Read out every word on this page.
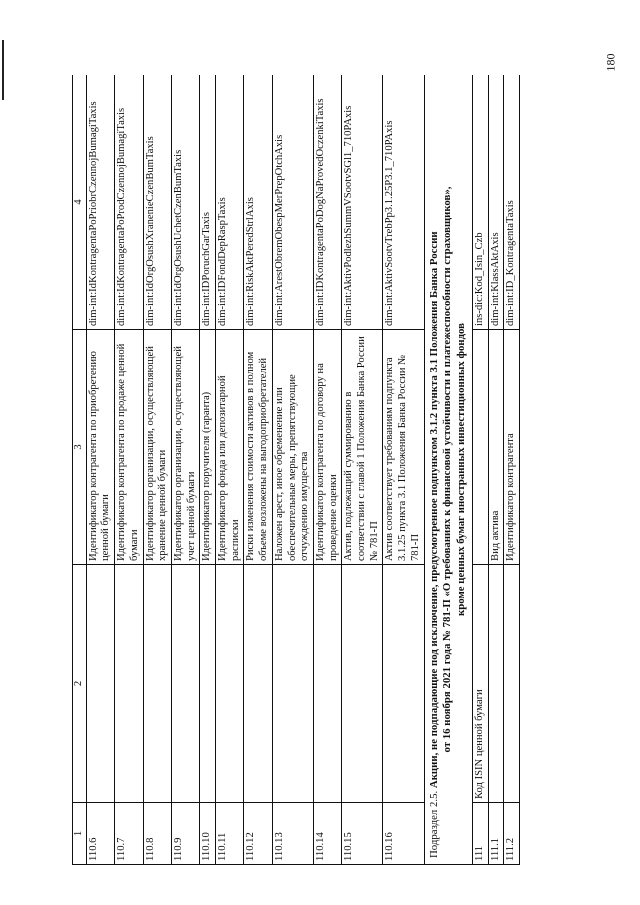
180
1	2	3	4
110.6		Идентификатор контрагента по приобретению ценной бумаги	dim-int:IdKontragentaPoPriobrCzennojBumagiTaxis
110.7		Идентификатор контрагента по продаже ценной бумаги	dim-int:IdKontragentaPoProdCzennojBumagiTaxis
110.8		Идентификатор организации, осуществляющей хранение ценной бумаги	dim-int:IdOrgOsushXranenieCzenBumTaxis
110.9		Идентификатор организации, осуществляющей учет ценной бумаги	dim-int:IdOrgOsushUchetCzenBumTaxis
110.10		Идентификатор поручителя (гаранта)	dim-int:IDPoruchGarTaxis
110.11		Идентификатор фонда или депозитарной расписки	dim-int:IDFondDepRaspTaxis
110.12		Риски изменения стоимости активов в полном объеме возложены на выгодоприобретателей	dim-int:RiskAktPeredStrlAxis
110.13		Наложен арест, иное обременение или обеспечительные меры, препятствующие отчуждению имущества	dim-int:ArestObremObespMerPrepOtchAxis
110.14		Идентификатор контрагента по договору на проведение оценки	dim-int:IDKontragentaPoDogNaProvedOczenkiTaxis
110.15		Актив, подлежащий суммированию в соответствии с главой 1 Положения Банка России № 781-П	dim-int:AktivPodlezhSummVSootvSGl1_710PAxis
110.16		Актив соответствует требованиям подпункта 3.1.25 пункта 3.1 Положения Банка России № 781-П	dim-int:AktivSootvTrebPp3.1.25P3.1_710PAxis
Подраздел 2.5. Акции, не подпадающие под исключение, предусмотренное подпунктом 3.1.2 пункта 3.1 Положения Банка России от 16 ноября 2021 года № 781-П «О требованиях к финансовой устойчивости и платежеспособности страховщиков», кроме ценных бумаг иностранных инвестиционных фондов			

111	Код ISIN ценной бумаги		ins-dic:Kod_Isin_Czb
111.1		Вид актива	dim-int:KlassAktAxis
111.2		Идентификатор контрагента	dim-int:ID_KontragentaTaxis
